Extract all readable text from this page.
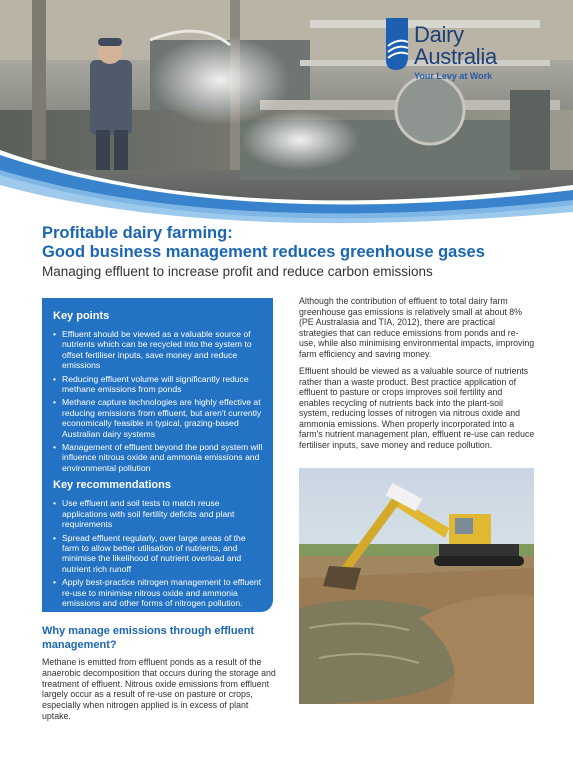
Dairy
Australia
Your Levy at Work
Profitable dairy farming:
Good business management reduces greenhouse gases
Managing effluent to increase profit and reduce carbon emissions
Key points
• Effluent should be viewed as a valuable source of nutrients which can be recycled into the system to offset fertiliser inputs, save money and reduce emissions
• Reducing effluent volume will significantly reduce methane emissions from ponds
• Methane capture technologies are highly effective at reducing emissions from effluent, but aren't currently economically feasible in typical, grazing-based Australian dairy systems
• Management of effluent beyond the pond system will influence nitrous oxide and ammonia emissions and environmental pollution
Key recommendations
• Use effluent and soil tests to match reuse applications with soil fertility deficits and plant requirements
• Spread effluent regularly, over large areas of the farm to allow better utilisation of nutrients, and minimise the likelihood of nutrient overload and nutrient rich runoff
• Apply best-practice nitrogen management to effluent re-use to minimise nitrous oxide and ammonia emissions and other forms of nitrogen pollution.

Although the contribution of effluent to total dairy farm greenhouse gas emissions is relatively small at about 8% (PE Australasia and TIA, 2012), there are practical strategies that can reduce emissions from ponds and re-use, while also minimising environmental impacts, improving farm efficiency and saving money.

Effluent should be viewed as a valuable source of nutrients rather than a waste product. Best practice application of effluent to pasture or crops improves soil fertility and enables recycling of nutrients back into the plant-soil system, reducing losses of nitrogen via nitrous oxide and ammonia emissions. When properly incorporated into a farm's nutrient management plan, effluent re-use can reduce fertiliser inputs, save money and reduce pollution.

Why manage emissions through effluent management?
Methane is emitted from effluent ponds as a result of the anaerobic decomposition that occurs during the storage and treatment of effluent. Nitrous oxide emissions from effluent largely occur as a result of re-use on pasture or crops, especially when nitrogen applied is in excess of plant uptake.
